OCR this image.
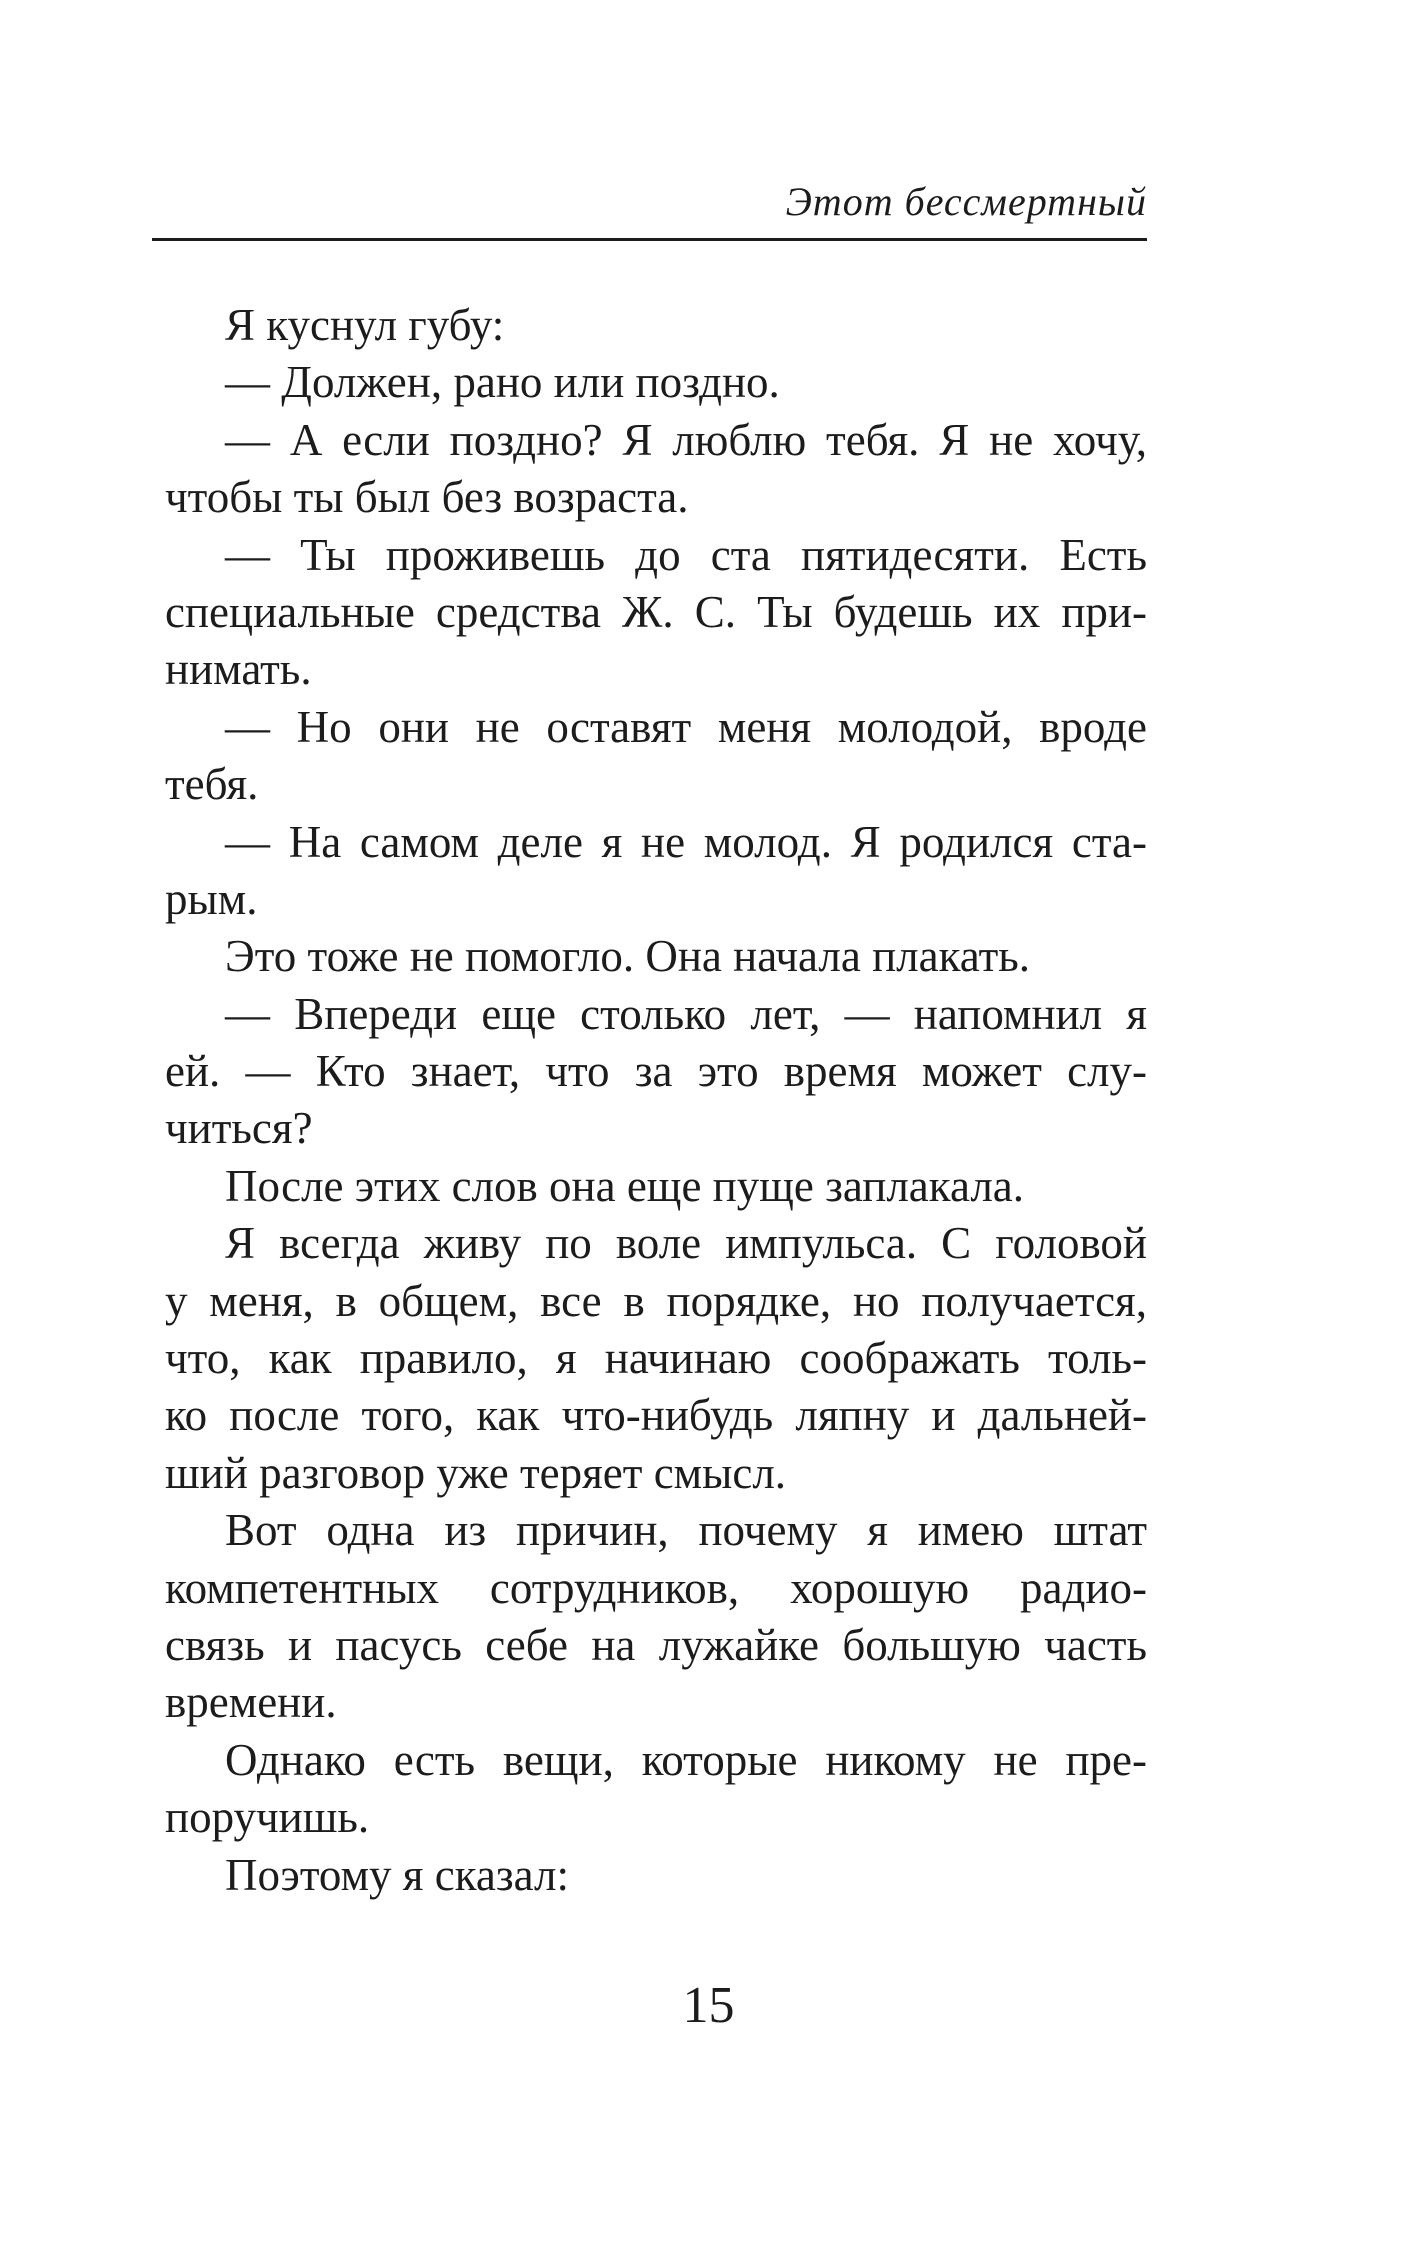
Этот бессмертный
Я куснул губу:
— Должен, рано или поздно.
— А если поздно? Я люблю тебя. Я не хочу,
чтобы ты был без возраста.
— Ты проживешь до ста пятидесяти. Есть
специальные средства Ж. С. Ты будешь их при-
нимать.
— Но они не оставят меня молодой, вроде
тебя.
— На самом деле я не молод. Я родился ста-
рым.
Это тоже не помогло. Она начала плакать.
— Впереди еще столько лет, — напомнил я
ей. — Кто знает, что за это время может слу-
читься?
После этих слов она еще пуще заплакала.
Я всегда живу по воле импульса. С головой
у меня, в общем, все в порядке, но получается,
что, как правило, я начинаю соображать толь-
ко после того, как что-нибудь ляпну и дальней-
ший разговор уже теряет смысл.
Вот одна из причин, почему я имею штат
компетентных сотрудников, хорошую радио-
связь и пасусь себе на лужайке большую часть
времени.
Однако есть вещи, которые никому не пре-
поручишь.
Поэтому я сказал:
15
